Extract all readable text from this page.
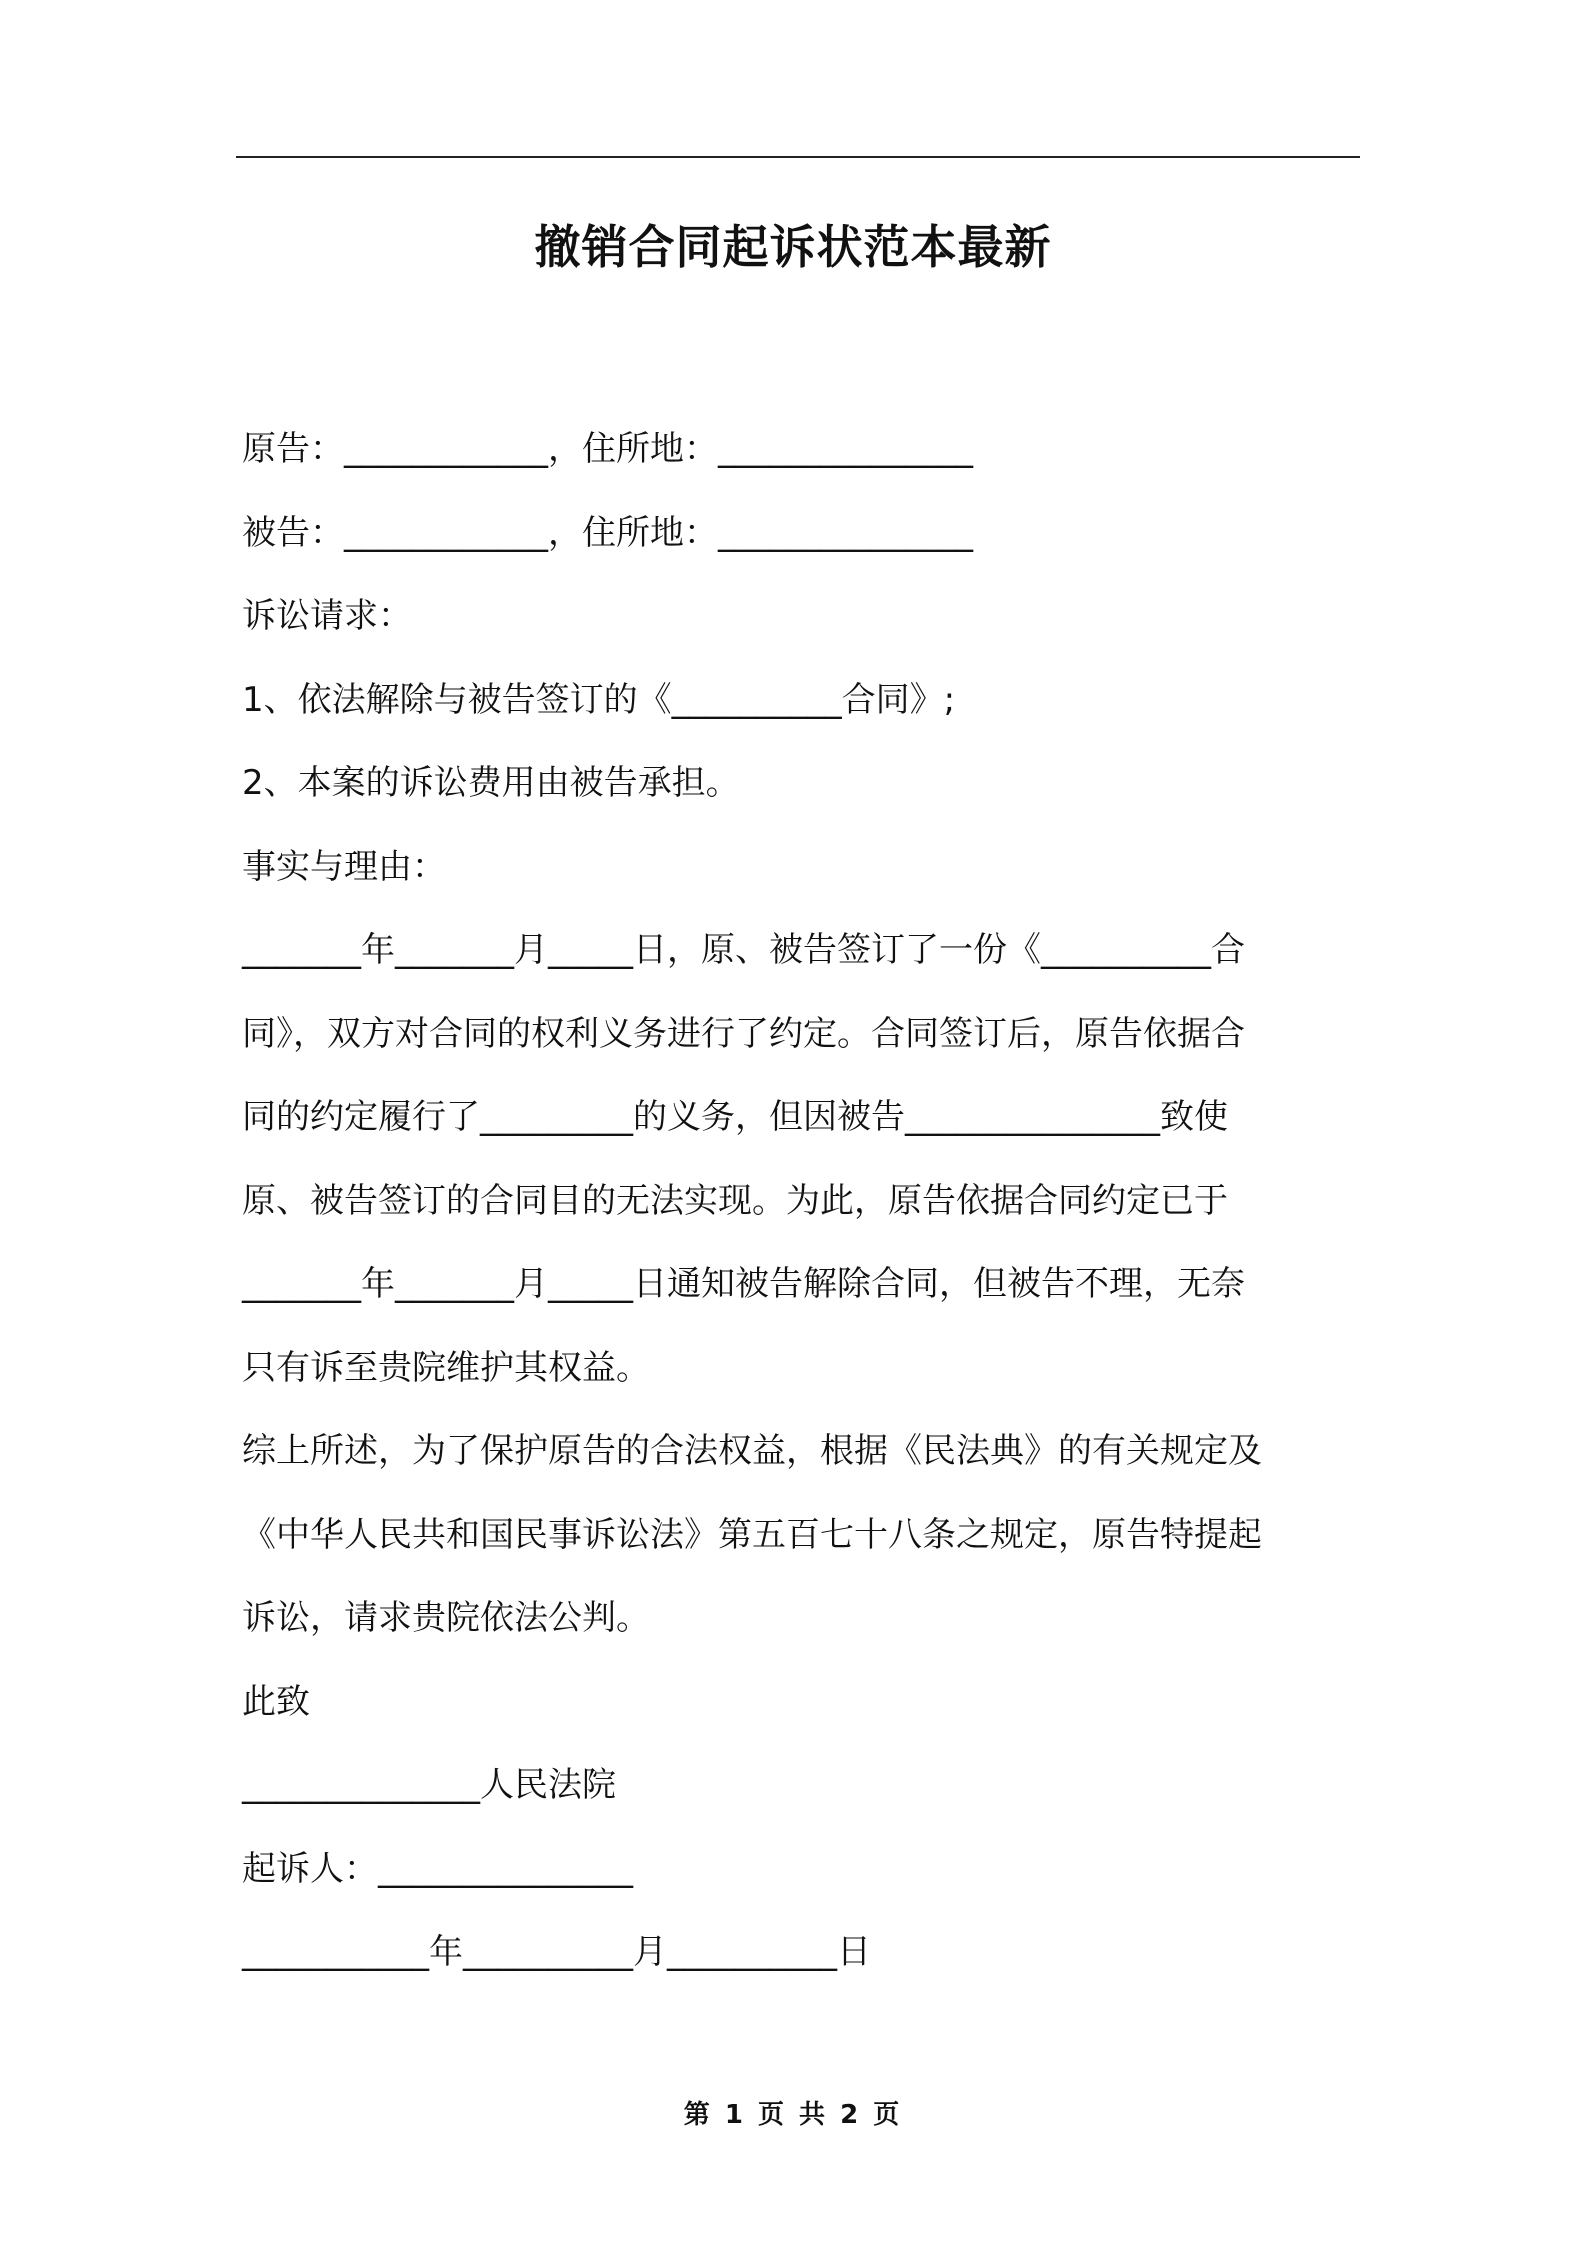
撤销合同起诉状范本最新
原告：____________，住所地：_______________
被告：____________，住所地：_______________
诉讼请求：
1、依法解除与被告签订的《__________合同》;
2、本案的诉讼费用由被告承担。
事实与理由：
_______年_______月_____日，原、被告签订了一份《__________合
同》，双方对合同的权利义务进行了约定。合同签订后，原告依据合
同的约定履行了_________的义务，但因被告_______________致使
原、被告签订的合同目的无法实现。为此，原告依据合同约定已于
_______年_______月_____日通知被告解除合同，但被告不理，无奈
只有诉至贵院维护其权益。
综上所述，为了保护原告的合法权益，根据《民法典》的有关规定及
《中华人民共和国民事诉讼法》第五百七十八条之规定，原告特提起
诉讼，请求贵院依法公判。
此致
______________人民法院
起诉人：_______________
___________年__________月__________日
第 1 页 共 2 页
